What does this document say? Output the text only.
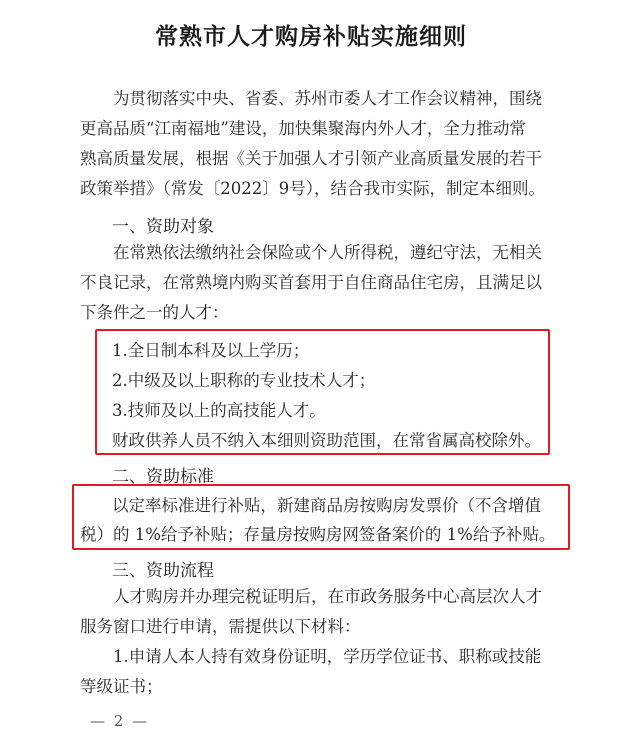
常熟市人才购房补贴实施细则
为贯彻落实中央、省委、苏州市委人才工作会议精神，围绕
更高品质“江南福地”建设，加快集聚海内外人才，全力推动常
熟高质量发展，根据《关于加强人才引领产业高质量发展的若干
政策举措》（常发〔2022〕9号），结合我市实际，制定本细则。
一、资助对象
在常熟依法缴纳社会保险或个人所得税，遵纪守法，无相关
不良记录，在常熟境内购买首套用于自住商品住宅房，且满足以
下条件之一的人才：
1.全日制本科及以上学历；
2.中级及以上职称的专业技术人才；
3.技师及以上的高技能人才。
财政供养人员不纳入本细则资助范围，在常省属高校除外。
二、资助标准
以定率标准进行补贴，新建商品房按购房发票价（不含增值
税）的 1%给予补贴；存量房按购房网签备案价的 1%给予补贴。
三、资助流程
人才购房并办理完税证明后，在市政务服务中心高层次人才
服务窗口进行申请，需提供以下材料：
1.申请人本人持有效身份证明，学历学位证书、职称或技能
等级证书；
— 2 —
